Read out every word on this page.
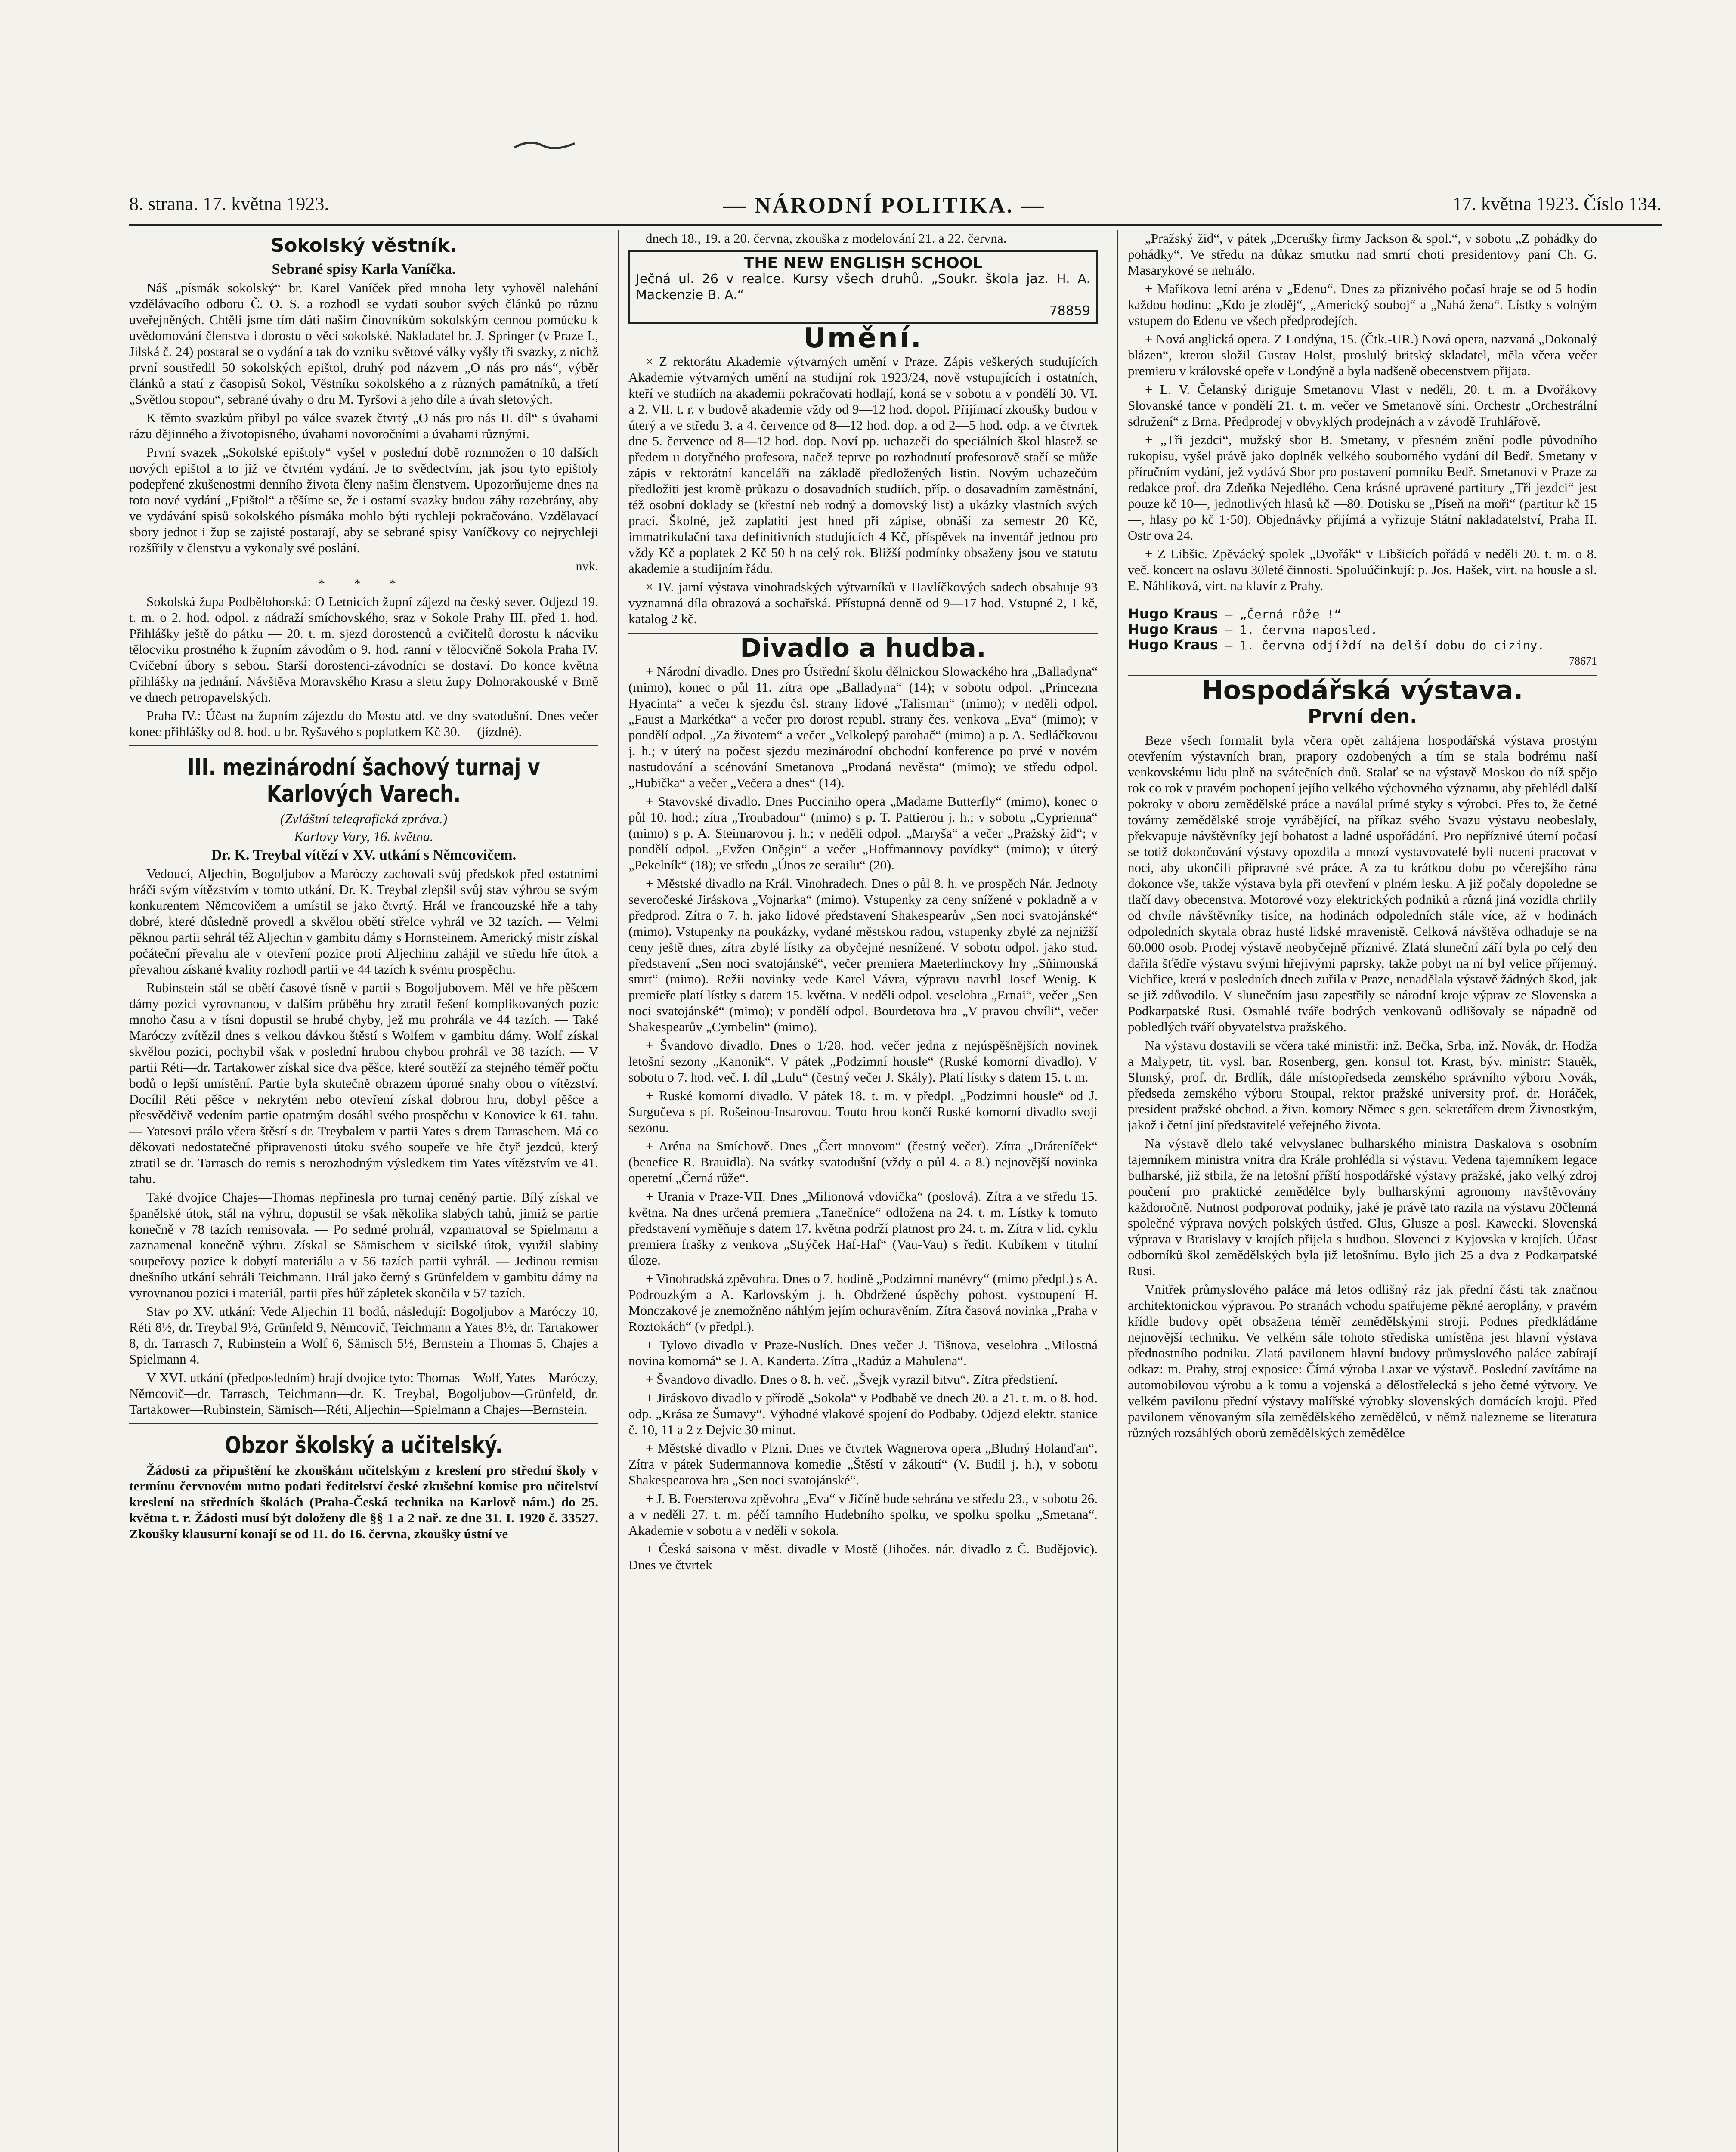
8. strana. 17. května 1923.	— NÁRODNÍ POLITIKA. —	17. května 1923. Číslo 134.
Sokolský věstník.
Sebrané spisy Karla Vaníčka.

Náš „písmák sokolský“ br. Karel Vaníček před mnoha lety vyhověl nalehání vzdělávacího odboru Č. O. S. a rozhodl se vydati soubor svých článků po různu uveřejněných. Chtěli jsme tím dáti našim činovníkům sokolským cennou pomůcku k uvědomování členstva i dorostu o věci sokolské. Nakladatel br. J. Springer (v Praze I., Jilská č. 24) postaral se o vydání a tak do vzniku světové války vyšly tři svazky, z nichž první soustředil 50 sokolských epištol, druhý pod názvem „O nás pro nás“, výběr článků a statí z časopisů Sokol, Věstníku sokolského a z různých památníků, a třetí „Světlou stopou“, sebrané úvahy o dru M. Tyršovi a jeho díle a úvah sletových.

K těmto svazkům přibyl po válce svazek čtvrtý „O nás pro nás II. díl“ s úvahami rázu dějinného a životopisného, úvahami novoročními a úvahami různými.

První svazek „Sokolské epištoly“ vyšel v poslední době rozmnožen o 10 dalších nových epištol a to již ve čtvrtém vydání. Je to svědectvím, jak jsou tyto epištoly podepřené zkušenostmi denního života členy našim členstvem. Upozorňujeme dnes na toto nové vydání „Epištol“ a těšíme se, že i ostatní svazky budou záhy rozebrány, aby ve vydávání spisů sokolského písmáka mohlo býti rychleji pokračováno. Vzdělavací sbory jednot i žup se zajisté postarají, aby se sebrané spisy Vaníčkovy co nejrychleji rozšířily v členstvu a vykonaly své poslání.

nvk.
* * *

Sokolská župa Podbělohorská: O Letnicích župní zájezd na český sever. Odjezd 19. t. m. o 2. hod. odpol. z nádraží smíchovského, sraz v Sokole Prahy III. před 1. hod. Přihlášky ještě do pátku — 20. t. m. sjezd dorostenců a cvičitelů dorostu k nácviku tělocviku prostného k župním závodům o 9. hod. ranní v tělocvičně Sokola Praha IV. Cvičební úbory s sebou. Starší dorostenci-závodníci se dostaví. Do konce května přihlášky na jednání. Návštěva Moravského Krasu a sletu župy Dolnorakouské v Brně ve dnech petropavelských.

Praha IV.: Účast na župním zájezdu do Mostu atd. ve dny svatodušní. Dnes večer konec přihlášky od 8. hod. u br. Ryšavého s poplatkem Kč 30.— (jízdné).

III. mezinárodní šachový turnaj v Karlových Varech.
(Zvláštní telegrafická zpráva.)
Karlovy Vary, 16. května.
Dr. K. Treybal vítězí v XV. utkání s Němcovičem.

Vedoucí, Aljechin, Bogoljubov a Maróczy zachovali svůj předskok před ostatními hráči svým vítězstvím v tomto utkání. Dr. K. Treybal zlepšil svůj stav výhrou se svým konkurentem Němcovičem a umístil se jako čtvrtý. Hrál ve francouzské hře a tahy dobré, které důsledně provedl a skvělou obětí střelce vyhrál ve 32 tazích. — Velmi pěknou partii sehrál též Aljechin v gambitu dámy s Hornsteinem. Americký mistr získal počáteční převahu ale v otevření pozice proti Aljechinu zahájil ve středu hře útok a převahou získané kvality rozhodl partii ve 44 tazích k svému prospěchu.

Rubinstein stál se obětí časové tísně v partii s Bogoljubovem. Měl ve hře pěšcem dámy pozici vyrovnanou, v dalším průběhu hry ztratil řešení komplikovaných pozic mnoho času a v tísni dopustil se hrubé chyby, jež mu prohrála ve 44 tazích. — Také Maróczy zvítězil dnes s velkou dávkou štěstí s Wolfem v gambitu dámy. Wolf získal skvělou pozici, pochybil však v poslední hrubou chybou prohrál ve 38 tazích. — V partii Réti—dr. Tartakower získal sice dva pěšce, které soutěží za stejného téměř počtu bodů o lepší umístění. Partie byla skutečně obrazem úporné snahy obou o vítězství. Docílil Réti pěšce v nekrytém nebo otevření získal dobrou hru, dobyl pěšce a přesvědčivě vedením partie opatrným dosáhl svého prospěchu v Konovice k 61. tahu. — Yatesovi prálo včera štěstí s dr. Treybalem v partii Yates s drem Tarraschem. Má co děkovati nedostatečné připravenosti útoku svého soupeře ve hře čtyř jezdců, který ztratil se dr. Tarrasch do remis s nerozhodným výsledkem tim Yates vítězstvím ve 41. tahu.

Také dvojice Chajes—Thomas nepřinesla pro turnaj ceněný partie. Bílý získal ve španělské útok, stál na výhru, dopustil se však několika slabých tahů, jimiž se partie konečně v 78 tazích remisovala. — Po sedmé prohrál, vzpamatoval se Spielmann a zaznamenal konečně výhru. Získal se Sämischem v sicilské útok, využil slabiny soupeřovy pozice k dobytí materiálu a v 56 tazích partii vyhrál. — Jedinou remisu dnešního utkání sehráli Teichmann. Hrál jako černý s Grünfeldem v gambitu dámy na vyrovnanou pozici i materiál, partii přes hůř zápletek skončila v 57 tazích.

Stav po XV. utkání: Vede Aljechin 11 bodů, následují: Bogoljubov a Maróczy 10, Réti 8½, dr. Treybal 9½, Grünfeld 9, Němcovič, Teichmann a Yates 8½, dr. Tartakower 8, dr. Tarrasch 7, Rubinstein a Wolf 6, Sämisch 5½, Bernstein a Thomas 5, Chajes a Spielmann 4.

V XVI. utkání (předposledním) hrají dvojice tyto: Thomas—Wolf, Yates—Maróczy, Němcovič—dr. Tarrasch, Teichmann—dr. K. Treybal, Bogoljubov—Grünfeld, dr. Tartakower—Rubinstein, Sämisch—Réti, Aljechin—Spielmann a Chajes—Bernstein.

Obzor školský a učitelský.

Žádosti za připuštění ke zkouškám učitelským z kreslení pro střední školy v termínu červnovém nutno podati ředitelství české zkušební komise pro učitelství kreslení na středních školách (Praha-Česká technika na Karlově nám.) do 25. května t. r. Žádosti musí být doloženy dle §§ 1 a 2 nař. ze dne 31. I. 1920 č. 33527. Zkoušky klausurní konají se od 11. do 16. června, zkoušky ústní ve

dnech 18., 19. a 20. června, zkouška z modelování 21. a 22. června.

THE NEW ENGLISH SCHOOL
Ječná ul. 26 v realce. Kursy všech druhů. „Soukr. škola jaz. H. A. Mackenzie B. A.“
78859
Umění.

× Z rektorátu Akademie výtvarných umění v Praze. Zápis veškerých studujících Akademie výtvarných umění na studijní rok 1923/24, nově vstupujících i ostatních, kteří ve studiích na akademii pokračovati hodlají, koná se v sobotu a v pondělí 30. VI. a 2. VII. t. r. v budově akademie vždy od 9—12 hod. dopol. Přijímací zkoušky budou v úterý a ve středu 3. a 4. července od 8—12 hod. dop. a od 2—5 hod. odp. a ve čtvrtek dne 5. července od 8—12 hod. dop. Noví pp. uchazeči do speciálních škol hlastež se předem u dotyčného profesora, načež teprve po rozhodnutí profesorově stačí se může zápis v rektorátní kanceláři na základě předložených listin. Novým uchazečům předložiti jest kromě průkazu o dosavadních studiích, příp. o dosavadním zaměstnání, též osobní doklady se (křestní neb rodný a domovský list) a ukázky vlastních svých prací. Školné, jež zaplatiti jest hned při zápise, obnáší za semestr 20 Kč, immatrikulační taxa definitivních studujících 4 Kč, příspěvek na inventář jednou pro vždy Kč a poplatek 2 Kč 50 h na celý rok. Bližší podmínky obsaženy jsou ve statutu akademie a studijním řádu.

× IV. jarní výstava vinohradských výtvarníků v Havlíčkových sadech obsahuje 93 vyznamná díla obrazová a sochařská. Přístupná denně od 9—17 hod. Vstupné 2, 1 kč, katalog 2 kč.

Divadlo a hudba.

+ Národní divadlo. Dnes pro Ústřední školu dělnickou Slowackého hra „Balladyna“ (mimo), konec o půl 11. zítra ope „Balladyna“ (14); v sobotu odpol. „Princezna Hyacinta“ a večer k sjezdu čsl. strany lidové „Talisman“ (mimo); v neděli odpol. „Faust a Markétka“ a večer pro dorost republ. strany čes. venkova „Eva“ (mimo); v pondělí odpol. „Za životem“ a večer „Velkolepý parohač“ (mimo) a p. A. Sedláčkovou j. h.; v úterý na počest sjezdu mezinárodní obchodní konference po prvé v novém nastudování a scénování Smetanova „Prodaná nevěsta“ (mimo); ve středu odpol. „Hubička“ a večer „Večera a dnes“ (14).

+ Stavovské divadlo. Dnes Pucciniho opera „Madame Butterfly“ (mimo), konec o půl 10. hod.; zítra „Troubadour“ (mimo) s p. T. Pattierou j. h.; v sobotu „Cyprienna“ (mimo) s p. A. Steimarovou j. h.; v neděli odpol. „Maryša“ a večer „Pražský žid“; v pondělí odpol. „Evžen Oněgin“ a večer „Hoffmannovy povídky“ (mimo); v úterý „Pekelník“ (18); ve středu „Únos ze serailu“ (20).

+ Městské divadlo na Král. Vinohradech. Dnes o půl 8. h. ve prospěch Nár. Jednoty severočeské Jiráskova „Vojnarka“ (mimo). Vstupenky za ceny snížené v pokladně a v předprod. Zítra o 7. h. jako lidové představení Shakespearův „Sen noci svatojánské“ (mimo). Vstupenky na poukázky, vydané městskou radou, vstupenky zbylé za nejnižší ceny ještě dnes, zítra zbylé lístky za obyčejné nesnížené. V sobotu odpol. jako stud. představení „Sen noci svatojánské“, večer premiera Maeterlinckovy hry „Sňimonská smrt“ (mimo). Režii novinky vede Karel Vávra, výpravu navrhl Josef Wenig. K premieře platí lístky s datem 15. května. V neděli odpol. veselohra „Ernai“, večer „Sen noci svatojánské“ (mimo); v pondělí odpol. Bourdetova hra „V pravou chvíli“, večer Shakespearův „Cymbelin“ (mimo).

+ Švandovo divadlo. Dnes o 1/28. hod. večer jedna z nejúspěšnějších novinek letošní sezony „Kanonik“. V pátek „Podzimní housle“ (Ruské komorní divadlo). V sobotu o 7. hod. več. I. díl „Lulu“ (čestný večer J. Skály). Platí lístky s datem 15. t. m.

+ Ruské komorní divadlo. V pátek 18. t. m. v předpl. „Podzimní housle“ od J. Surgučeva s pí. Rošeinou-Insarovou. Touto hrou končí Ruské komorní divadlo svoji sezonu.

+ Aréna na Smíchově. Dnes „Čert mnovom“ (čestný večer). Zítra „Dráteníček“ (benefice R. Brauidla). Na svátky svatodušní (vždy o půl 4. a 8.) nejnovější novinka operetní „Černá růže“.

+ Urania v Praze-VII. Dnes „Milionová vdovička“ (poslová). Zítra a ve středu 15. května. Na dnes určená premiera „Tanečníce“ odložena na 24. t. m. Lístky k tomuto představení vyměňuje s datem 17. května podrží platnost pro 24. t. m. Zítra v lid. cyklu premiera frašky z venkova „Strýček Haf-Haf“ (Vau-Vau) s ředit. Kubíkem v titulní úloze.

+ Vinohradská zpěvohra. Dnes o 7. hodině „Podzimní manévry“ (mimo předpl.) s A. Podrouzkým a A. Karlovským j. h. Obdržené úspěchy pohost. vystoupení H. Monczakové je znemožněno náhlým jejím ochuravěním. Zítra časová novinka „Praha v Roztokách“ (v předpl.).

+ Tylovo divadlo v Praze-Nuslích. Dnes večer J. Tišnova, veselohra „Milostná novina komorná“ se J. A. Kanderta. Zítra „Radúz a Mahulena“.

+ Švandovo divadlo. Dnes o 8. h. več. „Švejk vyrazil bitvu“. Zítra předstiení.

+ Jiráskovo divadlo v přírodě „Sokola“ v Podbabě ve dnech 20. a 21. t. m. o 8. hod. odp. „Krása ze Šumavy“. Výhodné vlakové spojení do Podbaby. Odjezd elektr. stanice č. 10, 11 a 2 z Dejvic 30 minut.

+ Městské divadlo v Plzni. Dnes ve čtvrtek Wagnerova opera „Bludný Holanďan“. Zítra v pátek Sudermannova komedie „Štěstí v zákoutí“ (V. Budil j. h.), v sobotu Shakespearova hra „Sen noci svatojánské“.

+ J. B. Foersterova zpěvohra „Eva“ v Jičíně bude sehrána ve středu 23., v sobotu 26. a v neděli 27. t. m. péčí tamního Hudebního spolku, ve spolku spolku „Smetana“. Akademie v sobotu a v neděli v sokola.

+ Česká saisona v měst. divadle v Mostě (Jihočes. nár. divadlo z Č. Budějovic). Dnes ve čtvrtek

„Pražský žid“, v pátek „Dcerušky firmy Jackson & spol.“, v sobotu „Z pohádky do pohádky“. Ve středu na důkaz smutku nad smrtí choti presidentovy paní Ch. G. Masarykové se nehrálo.

+ Maříkova letní aréna v „Edenu“. Dnes za příznivého počasí hraje se od 5 hodin každou hodinu: „Kdo je zloděj“, „Americký souboj“ a „Nahá žena“. Lístky s volným vstupem do Edenu ve všech předprodejích.

+ Nová anglická opera. Z Londýna, 15. (Čtk.-UR.) Nová opera, nazvaná „Dokonalý blázen“, kterou složil Gustav Holst, proslulý britský skladatel, měla včera večer premieru v královské opeře v Londýně a byla nadšeně obecenstvem přijata.

+ L. V. Čelanský diriguje Smetanovu Vlast v neděli, 20. t. m. a Dvořákovy Slovanské tance v pondělí 21. t. m. večer ve Smetanově síni. Orchestr „Orchestrální sdružení“ z Brna. Předprodej v obvyklých prodejnách a v závodě Truhlářově.

+ „Tři jezdci“, mužský sbor B. Smetany, v přesném znění podle původního rukopisu, vyšel právě jako doplněk velkého souborného vydání díl Bedř. Smetany v příručním vydání, jež vydává Sbor pro postavení pomníku Bedř. Smetanovi v Praze za redakce prof. dra Zdeňka Nejedlého. Cena krásné upravené partitury „Tři jezdci“ jest pouze kč 10—, jednotlivých hlasů kč —80. Dotisku se „Píseň na moři“ (partitur kč 15—, hlasy po kč 1·50). Objednávky přijímá a vyřizuje Státní nakladatelství, Praha II. Ostr ova 24.

+ Z Libšic. Zpěvácký spolek „Dvořák“ v Libšicích pořádá v neděli 20. t. m. o 8. več. koncert na oslavu 30leté činnosti. Spoluúčinkují: p. Jos. Hašek, virt. na housle a sl. E. Náhlíková, virt. na klavír z Prahy.

Hugo Kraus — „Černá růže !“
Hugo Kraus — 1. června naposled.
Hugo Kraus — 1. června odjíždí na delší dobu do ciziny.
78671
Hospodářská výstava.
První den.

Beze všech formalit byla včera opět zahájena hospodářská výstava prostým otevřením výstavních bran, prapory ozdobených a tím se stala bodrému naší venkovskému lidu plně na svátečních dnů. Stalať se na výstavě Moskou do níž spějo rok co rok v pravém pochopení jejího velkého výchovného významu, aby přehlédl další pokroky v oboru zemědělské práce a naválal prímé styky s výrobci. Přes to, že četné továrny zemědělské stroje vyrábějící, na příkaz svého Svazu výstavu neobeslaly, překvapuje návštěvníky její bohatost a ladné uspořádání. Pro nepříznivé úterní počasí se totiž dokončování výstavy opozdila a mnozí vystavovatelé byli nuceni pracovat v noci, aby ukončili připravné své práce. A za tu krátkou dobu po včerejšího rána dokonce vše, takže výstava byla při otevření v plném lesku. A již počaly dopoledne se tlačí davy obecenstva. Motorové vozy elektrických podniků a různá jiná vozidla chrlily od chvíle návštěvníky tisíce, na hodinách odpoledních stále více, až v hodinách odpoledních skytala obraz husté lidské mravenistě. Celková návštěva odhaduje se na 60.000 osob. Prodej výstavě neobyčejně příznivé. Zlatá sluneční září byla po celý den dařila šťědře výstavu svými hřejivými paprsky, takže pobyt na ní byl velice příjemný. Vichřice, která v posledních dnech zuřila v Praze, nenadělala výstavě žádných škod, jak se již zdůvodilo. V slunečním jasu zapestřily se národní kroje výprav ze Slovenska a Podkarpatské Rusi. Osmahlé tváře bodrých venkovanů odlišovaly se nápadně od pobledlých tváří obyvatelstva pražského.

Na výstavu dostavili se včera také ministři: inž. Bečka, Srba, inž. Novák, dr. Hodža a Malypetr, tit. vysl. bar. Rosenberg, gen. konsul tot. Krast, býv. ministr: Stauěk, Slunský, prof. dr. Brdlík, dále místopředseda zemského správního výboru Novák, předseda zemského výboru Stoupal, rektor pražské university prof. dr. Horáček, president pražské obchod. a živn. komory Němec s gen. sekretářem drem Živnostkým, jakož i četní jiní představitelé veřejného života.

Na výstavě dlelo také velvyslanec bulharského ministra Daskalova s osobním tajemníkem ministra vnitra dra Krále prohlédla si výstavu. Vedena tajemníkem legace bulharské, již stbila, že na letošní příští hospodářské výstavy pražské, jako velký zdroj poučení pro praktické zemědělce byly bulharskými agronomy navštěvovány každoročně. Nutnost podporovat podniky, jaké je právě tato razila na výstavu 20členná společné výprava nových polských ústřed. Glus, Glusze a posl. Kawecki. Slovenská výprava v Bratislavy v krojích přijela s hudbou. Slovenci z Kyjovska v krojích. Účast odborníků škol zemědělských byla již letošnímu. Bylo jich 25 a dva z Podkarpatské Rusi.

Vnitřek průmyslového paláce má letos odlišný ráz jak přední části tak značnou architektonickou výpravou. Po stranách vchodu spatřujeme pěkné aeroplány, v pravém křídle budovy opět obsažena téměř zemědělskými stroji. Podnes předkládáme nejnovější techniku. Ve velkém sále tohoto střediska umístěna jest hlavní výstava přednostního podniku. Zlatá pavilonem hlavní budovy průmyslového paláce zabírají odkaz: m. Prahy, stroj exposice: Čímá výroba Laxar ve výstavě. Poslední zavítáme na automobilovou výrobu a k tomu a vojenská a dělostřelecká s jeho četné výtvory. Ve velkém pavilonu přední výstavy malířské výrobky slovenských domácích krojů. Před pavilonem věnovaným síla zemědělského zemědělců, v němž nalezneme se literatura různých rozsáhlých oborů zemědělských zemědělce
